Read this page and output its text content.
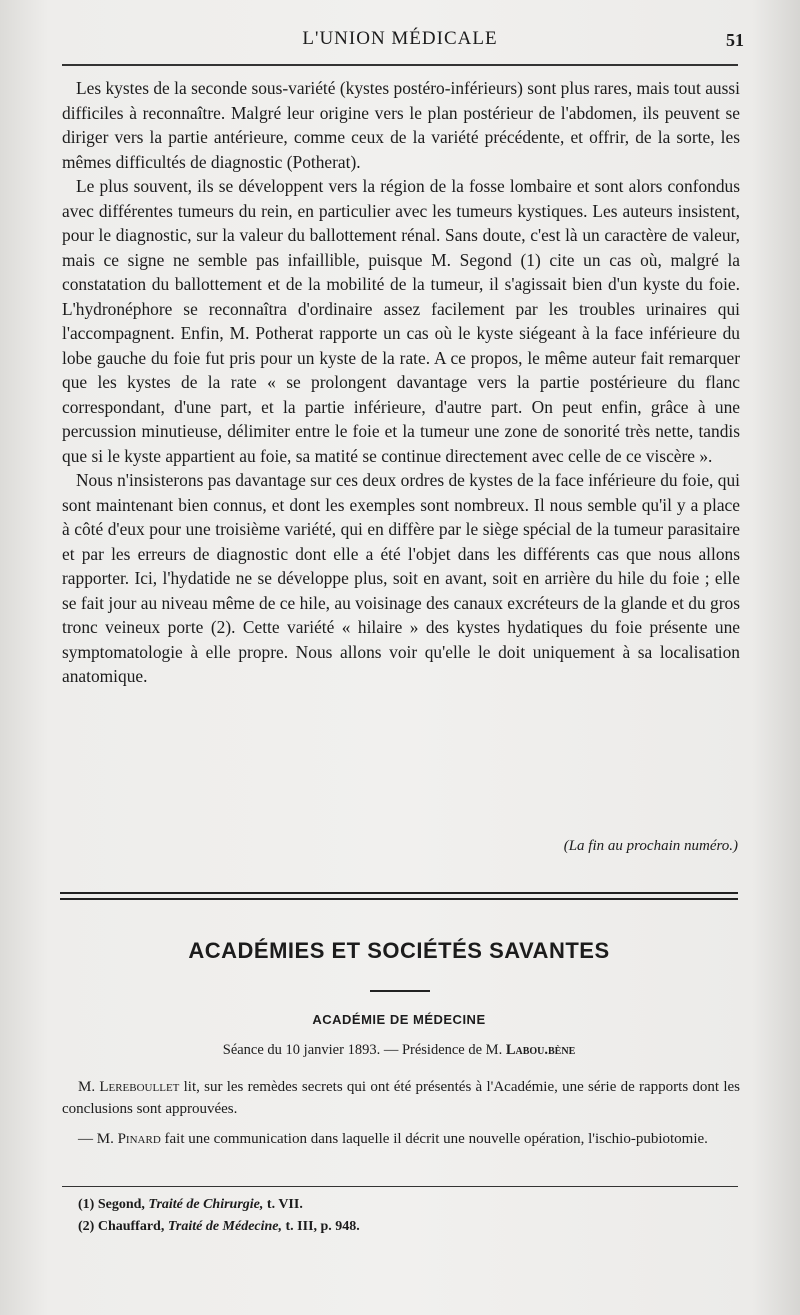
L'UNION MÉDICALE	51

Les kystes de la seconde sous-variété (kystes postéro-inférieurs) sont plus rares, mais tout aussi difficiles à reconnaître. Malgré leur origine vers le plan postérieur de l'abdomen, ils peuvent se diriger vers la partie antérieure, comme ceux de la variété précédente, et offrir, de la sorte, les mêmes difficultés de diagnostic (Potherat).

Le plus souvent, ils se développent vers la région de la fosse lombaire et sont alors confondus avec différentes tumeurs du rein, en particulier avec les tumeurs kystiques. Les auteurs insistent, pour le diagnostic, sur la valeur du ballottement rénal. Sans doute, c'est là un caractère de valeur, mais ce signe ne semble pas infaillible, puisque M. Segond (1) cite un cas où, malgré la constatation du ballottement et de la mobilité de la tumeur, il s'agissait bien d'un kyste du foie. L'hydronéphore se reconnaîtra d'ordinaire assez facilement par les troubles urinaires qui l'accompagnent. Enfin, M. Potherat rapporte un cas où le kyste siégeant à la face inférieure du lobe gauche du foie fut pris pour un kyste de la rate. A ce propos, le même auteur fait remarquer que les kystes de la rate « se prolongent davantage vers la partie postérieure du flanc correspondant, d'une part, et la partie inférieure, d'autre part. On peut enfin, grâce à une percussion minutieuse, délimiter entre le foie et la tumeur une zone de sonorité très nette, tandis que si le kyste appartient au foie, sa matité se continue directement avec celle de ce viscère ».

Nous n'insisterons pas davantage sur ces deux ordres de kystes de la face inférieure du foie, qui sont maintenant bien connus, et dont les exemples sont nombreux. Il nous semble qu'il y a place à côté d'eux pour une troisième variété, qui en diffère par le siège spécial de la tumeur parasitaire et par les erreurs de diagnostic dont elle a été l'objet dans les différents cas que nous allons rapporter. Ici, l'hydatide ne se développe plus, soit en avant, soit en arrière du hile du foie ; elle se fait jour au niveau même de ce hile, au voisinage des canaux excréteurs de la glande et du gros tronc veineux porte (2). Cette variété « hilaire » des kystes hydatiques du foie présente une symptomatologie à elle propre. Nous allons voir qu'elle le doit uniquement à sa localisation anatomique.

(La fin au prochain numéro.)
ACADÉMIES ET SOCIÉTÉS SAVANTES
ACADÉMIE DE MÉDECINE
Séance du 10 janvier 1893. — Présidence de M. Labou.bène

M. Lereboullet lit, sur les remèdes secrets qui ont été présentés à l'Académie, une série de rapports dont les conclusions sont approuvées.

— M. Pinard fait une communication dans laquelle il décrit une nouvelle opération, l'ischio-pubiotomie.

(1) Segond, Traité de Chirurgie, t. VII.
(2) Chauffard, Traité de Médecine, t. III, p. 948.
